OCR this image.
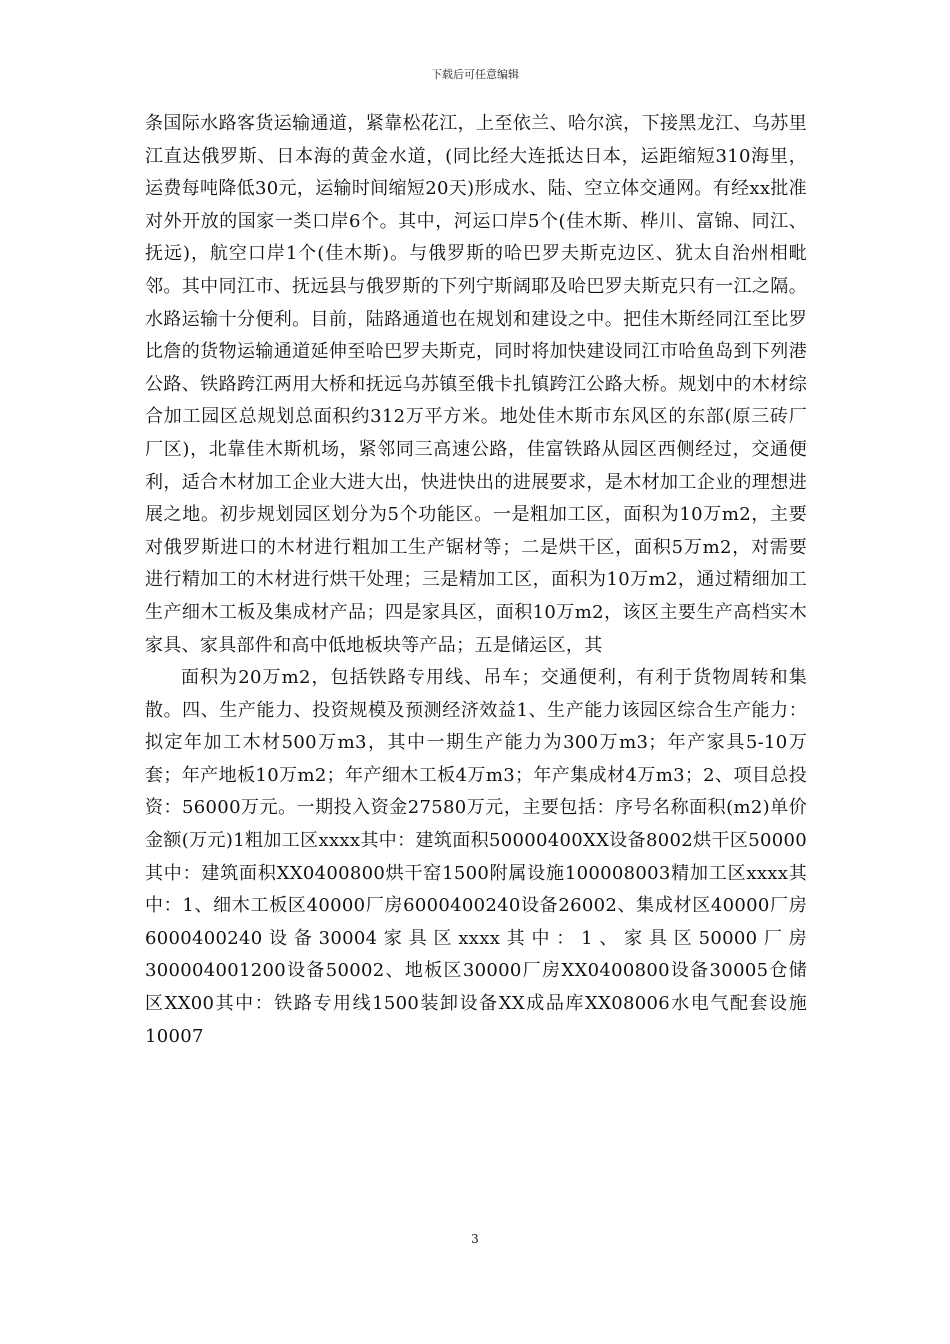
下载后可任意编辑

条国际水路客货运输通道，紧靠松花江，上至依兰、哈尔滨，下接黑龙江、乌苏里江直达俄罗斯、日本海的黄金水道，(同比经大连抵达日本，运距缩短310海里，运费每吨降低30元，运输时间缩短20天)形成水、陆、空立体交通网。有经xx批准对外开放的国家一类口岸6个。其中，河运口岸5个(佳木斯、桦川、富锦、同江、抚远)，航空口岸1个(佳木斯)。与俄罗斯的哈巴罗夫斯克边区、犹太自治州相毗邻。其中同江市、抚远县与俄罗斯的下列宁斯阔耶及哈巴罗夫斯克只有一江之隔。水路运输十分便利。目前，陆路通道也在规划和建设之中。把佳木斯经同江至比罗比詹的货物运输通道延伸至哈巴罗夫斯克，同时将加快建设同江市哈鱼岛到下列港公路、铁路跨江两用大桥和抚远乌苏镇至俄卡扎镇跨江公路大桥。规划中的木材综合加工园区总规划总面积约312万平方米。地处佳木斯市东风区的东部(原三砖厂厂区)，北靠佳木斯机场，紧邻同三高速公路，佳富铁路从园区西侧经过，交通便利，适合木材加工企业大进大出，快进快出的进展要求，是木材加工企业的理想进展之地。初步规划园区划分为5个功能区。一是粗加工区，面积为10万m2，主要对俄罗斯进口的木材进行粗加工生产锯材等；二是烘干区，面积5万m2，对需要进行精加工的木材进行烘干处理；三是精加工区，面积为10万m2，通过精细加工生产细木工板及集成材产品；四是家具区，面积10万m2，该区主要生产高档实木家具、家具部件和高中低地板块等产品；五是储运区，其

面积为20万m2，包括铁路专用线、吊车；交通便利，有利于货物周转和集散。四、生产能力、投资规模及预测经济效益1、生产能力该园区综合生产能力：拟定年加工木材500万m3，其中一期生产能力为300万m3；年产家具5-10万套；年产地板10万m2；年产细木工板4万m3；年产集成材4万m3；2、项目总投资：56000万元。一期投入资金27580万元，主要包括：序号名称面积(m2)单价金额(万元)1粗加工区xxxx其中：建筑面积50000400XX设备8002烘干区50000其中：建筑面积XX0400800烘干窑1500附属设施100008003精加工区xxxx其中：1、细木工板区40000厂房6000400240设备26002、集成材区40000厂房6000400240设备30004家具区xxxx其中：1、家具区50000厂房300004001200设备50002、地板区30000厂房XX0400800设备30005仓储区XX00其中：铁路专用线1500装卸设备XX成品库XX08006水电气配套设施10007

3
